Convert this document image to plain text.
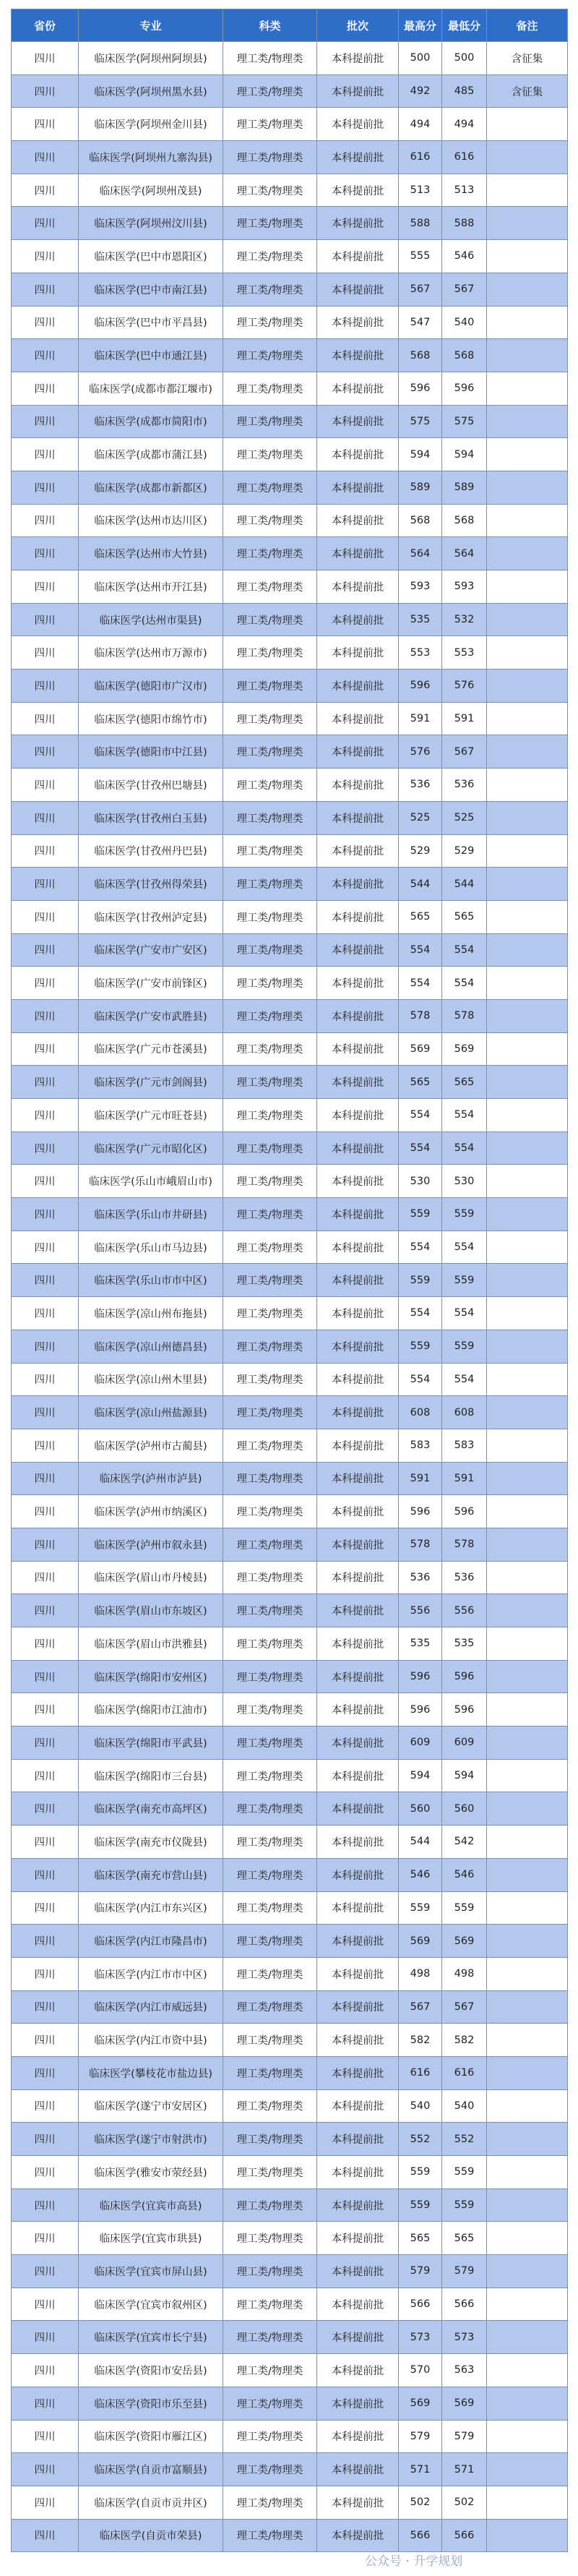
省份	专业	科类	批次	最高分	最低分	备注
四川	临床医学(阿坝州阿坝县)	理工类/物理类	本科提前批	500	500	含征集
四川	临床医学(阿坝州黑水县)	理工类/物理类	本科提前批	492	485	含征集
四川	临床医学(阿坝州金川县)	理工类/物理类	本科提前批	494	494	
四川	临床医学(阿坝州九寨沟县)	理工类/物理类	本科提前批	616	616	
四川	临床医学(阿坝州茂县)	理工类/物理类	本科提前批	513	513	
四川	临床医学(阿坝州汶川县)	理工类/物理类	本科提前批	588	588	
四川	临床医学(巴中市恩阳区)	理工类/物理类	本科提前批	555	546	
四川	临床医学(巴中市南江县)	理工类/物理类	本科提前批	567	567	
四川	临床医学(巴中市平昌县)	理工类/物理类	本科提前批	547	540	
四川	临床医学(巴中市通江县)	理工类/物理类	本科提前批	568	568	
四川	临床医学(成都市都江堰市)	理工类/物理类	本科提前批	596	596	
四川	临床医学(成都市简阳市)	理工类/物理类	本科提前批	575	575	
四川	临床医学(成都市蒲江县)	理工类/物理类	本科提前批	594	594	
四川	临床医学(成都市新都区)	理工类/物理类	本科提前批	589	589	
四川	临床医学(达州市达川区)	理工类/物理类	本科提前批	568	568	
四川	临床医学(达州市大竹县)	理工类/物理类	本科提前批	564	564	
四川	临床医学(达州市开江县)	理工类/物理类	本科提前批	593	593	
四川	临床医学(达州市渠县)	理工类/物理类	本科提前批	535	532	
四川	临床医学(达州市万源市)	理工类/物理类	本科提前批	553	553	
四川	临床医学(德阳市广汉市)	理工类/物理类	本科提前批	596	576	
四川	临床医学(德阳市绵竹市)	理工类/物理类	本科提前批	591	591	
四川	临床医学(德阳市中江县)	理工类/物理类	本科提前批	576	567	
四川	临床医学(甘孜州巴塘县)	理工类/物理类	本科提前批	536	536	
四川	临床医学(甘孜州白玉县)	理工类/物理类	本科提前批	525	525	
四川	临床医学(甘孜州丹巴县)	理工类/物理类	本科提前批	529	529	
四川	临床医学(甘孜州得荣县)	理工类/物理类	本科提前批	544	544	
四川	临床医学(甘孜州泸定县)	理工类/物理类	本科提前批	565	565	
四川	临床医学(广安市广安区)	理工类/物理类	本科提前批	554	554	
四川	临床医学(广安市前锋区)	理工类/物理类	本科提前批	554	554	
四川	临床医学(广安市武胜县)	理工类/物理类	本科提前批	578	578	
四川	临床医学(广元市苍溪县)	理工类/物理类	本科提前批	569	569	
四川	临床医学(广元市剑阁县)	理工类/物理类	本科提前批	565	565	
四川	临床医学(广元市旺苍县)	理工类/物理类	本科提前批	554	554	
四川	临床医学(广元市昭化区)	理工类/物理类	本科提前批	554	554	
四川	临床医学(乐山市峨眉山市)	理工类/物理类	本科提前批	530	530	
四川	临床医学(乐山市井研县)	理工类/物理类	本科提前批	559	559	
四川	临床医学(乐山市马边县)	理工类/物理类	本科提前批	554	554	
四川	临床医学(乐山市市中区)	理工类/物理类	本科提前批	559	559	
四川	临床医学(凉山州布拖县)	理工类/物理类	本科提前批	554	554	
四川	临床医学(凉山州德昌县)	理工类/物理类	本科提前批	559	559	
四川	临床医学(凉山州木里县)	理工类/物理类	本科提前批	554	554	
四川	临床医学(凉山州盐源县)	理工类/物理类	本科提前批	608	608	
四川	临床医学(泸州市古蔺县)	理工类/物理类	本科提前批	583	583	
四川	临床医学(泸州市泸县)	理工类/物理类	本科提前批	591	591	
四川	临床医学(泸州市纳溪区)	理工类/物理类	本科提前批	596	596	
四川	临床医学(泸州市叙永县)	理工类/物理类	本科提前批	578	578	
四川	临床医学(眉山市丹棱县)	理工类/物理类	本科提前批	536	536	
四川	临床医学(眉山市东坡区)	理工类/物理类	本科提前批	556	556	
四川	临床医学(眉山市洪雅县)	理工类/物理类	本科提前批	535	535	
四川	临床医学(绵阳市安州区)	理工类/物理类	本科提前批	596	596	
四川	临床医学(绵阳市江油市)	理工类/物理类	本科提前批	596	596	
四川	临床医学(绵阳市平武县)	理工类/物理类	本科提前批	609	609	
四川	临床医学(绵阳市三台县)	理工类/物理类	本科提前批	594	594	
四川	临床医学(南充市高坪区)	理工类/物理类	本科提前批	560	560	
四川	临床医学(南充市仪陇县)	理工类/物理类	本科提前批	544	542	
四川	临床医学(南充市营山县)	理工类/物理类	本科提前批	546	546	
四川	临床医学(内江市东兴区)	理工类/物理类	本科提前批	559	559	
四川	临床医学(内江市隆昌市)	理工类/物理类	本科提前批	569	569	
四川	临床医学(内江市市中区)	理工类/物理类	本科提前批	498	498	
四川	临床医学(内江市威远县)	理工类/物理类	本科提前批	567	567	
四川	临床医学(内江市资中县)	理工类/物理类	本科提前批	582	582	
四川	临床医学(攀枝花市盐边县)	理工类/物理类	本科提前批	616	616	
四川	临床医学(遂宁市安居区)	理工类/物理类	本科提前批	540	540	
四川	临床医学(遂宁市射洪市)	理工类/物理类	本科提前批	552	552	
四川	临床医学(雅安市荥经县)	理工类/物理类	本科提前批	559	559	
四川	临床医学(宜宾市高县)	理工类/物理类	本科提前批	559	559	
四川	临床医学(宜宾市珙县)	理工类/物理类	本科提前批	565	565	
四川	临床医学(宜宾市屏山县)	理工类/物理类	本科提前批	579	579	
四川	临床医学(宜宾市叙州区)	理工类/物理类	本科提前批	566	566	
四川	临床医学(宜宾市长宁县)	理工类/物理类	本科提前批	573	573	
四川	临床医学(资阳市安岳县)	理工类/物理类	本科提前批	570	563	
四川	临床医学(资阳市乐至县)	理工类/物理类	本科提前批	569	569	
四川	临床医学(资阳市雁江区)	理工类/物理类	本科提前批	579	579	
四川	临床医学(自贡市富顺县)	理工类/物理类	本科提前批	571	571	
四川	临床医学(自贡市贡井区)	理工类/物理类	本科提前批	502	502	
四川	临床医学(自贡市荣县)	理工类/物理类	本科提前批	566	566	
公众号 · 升学规划
